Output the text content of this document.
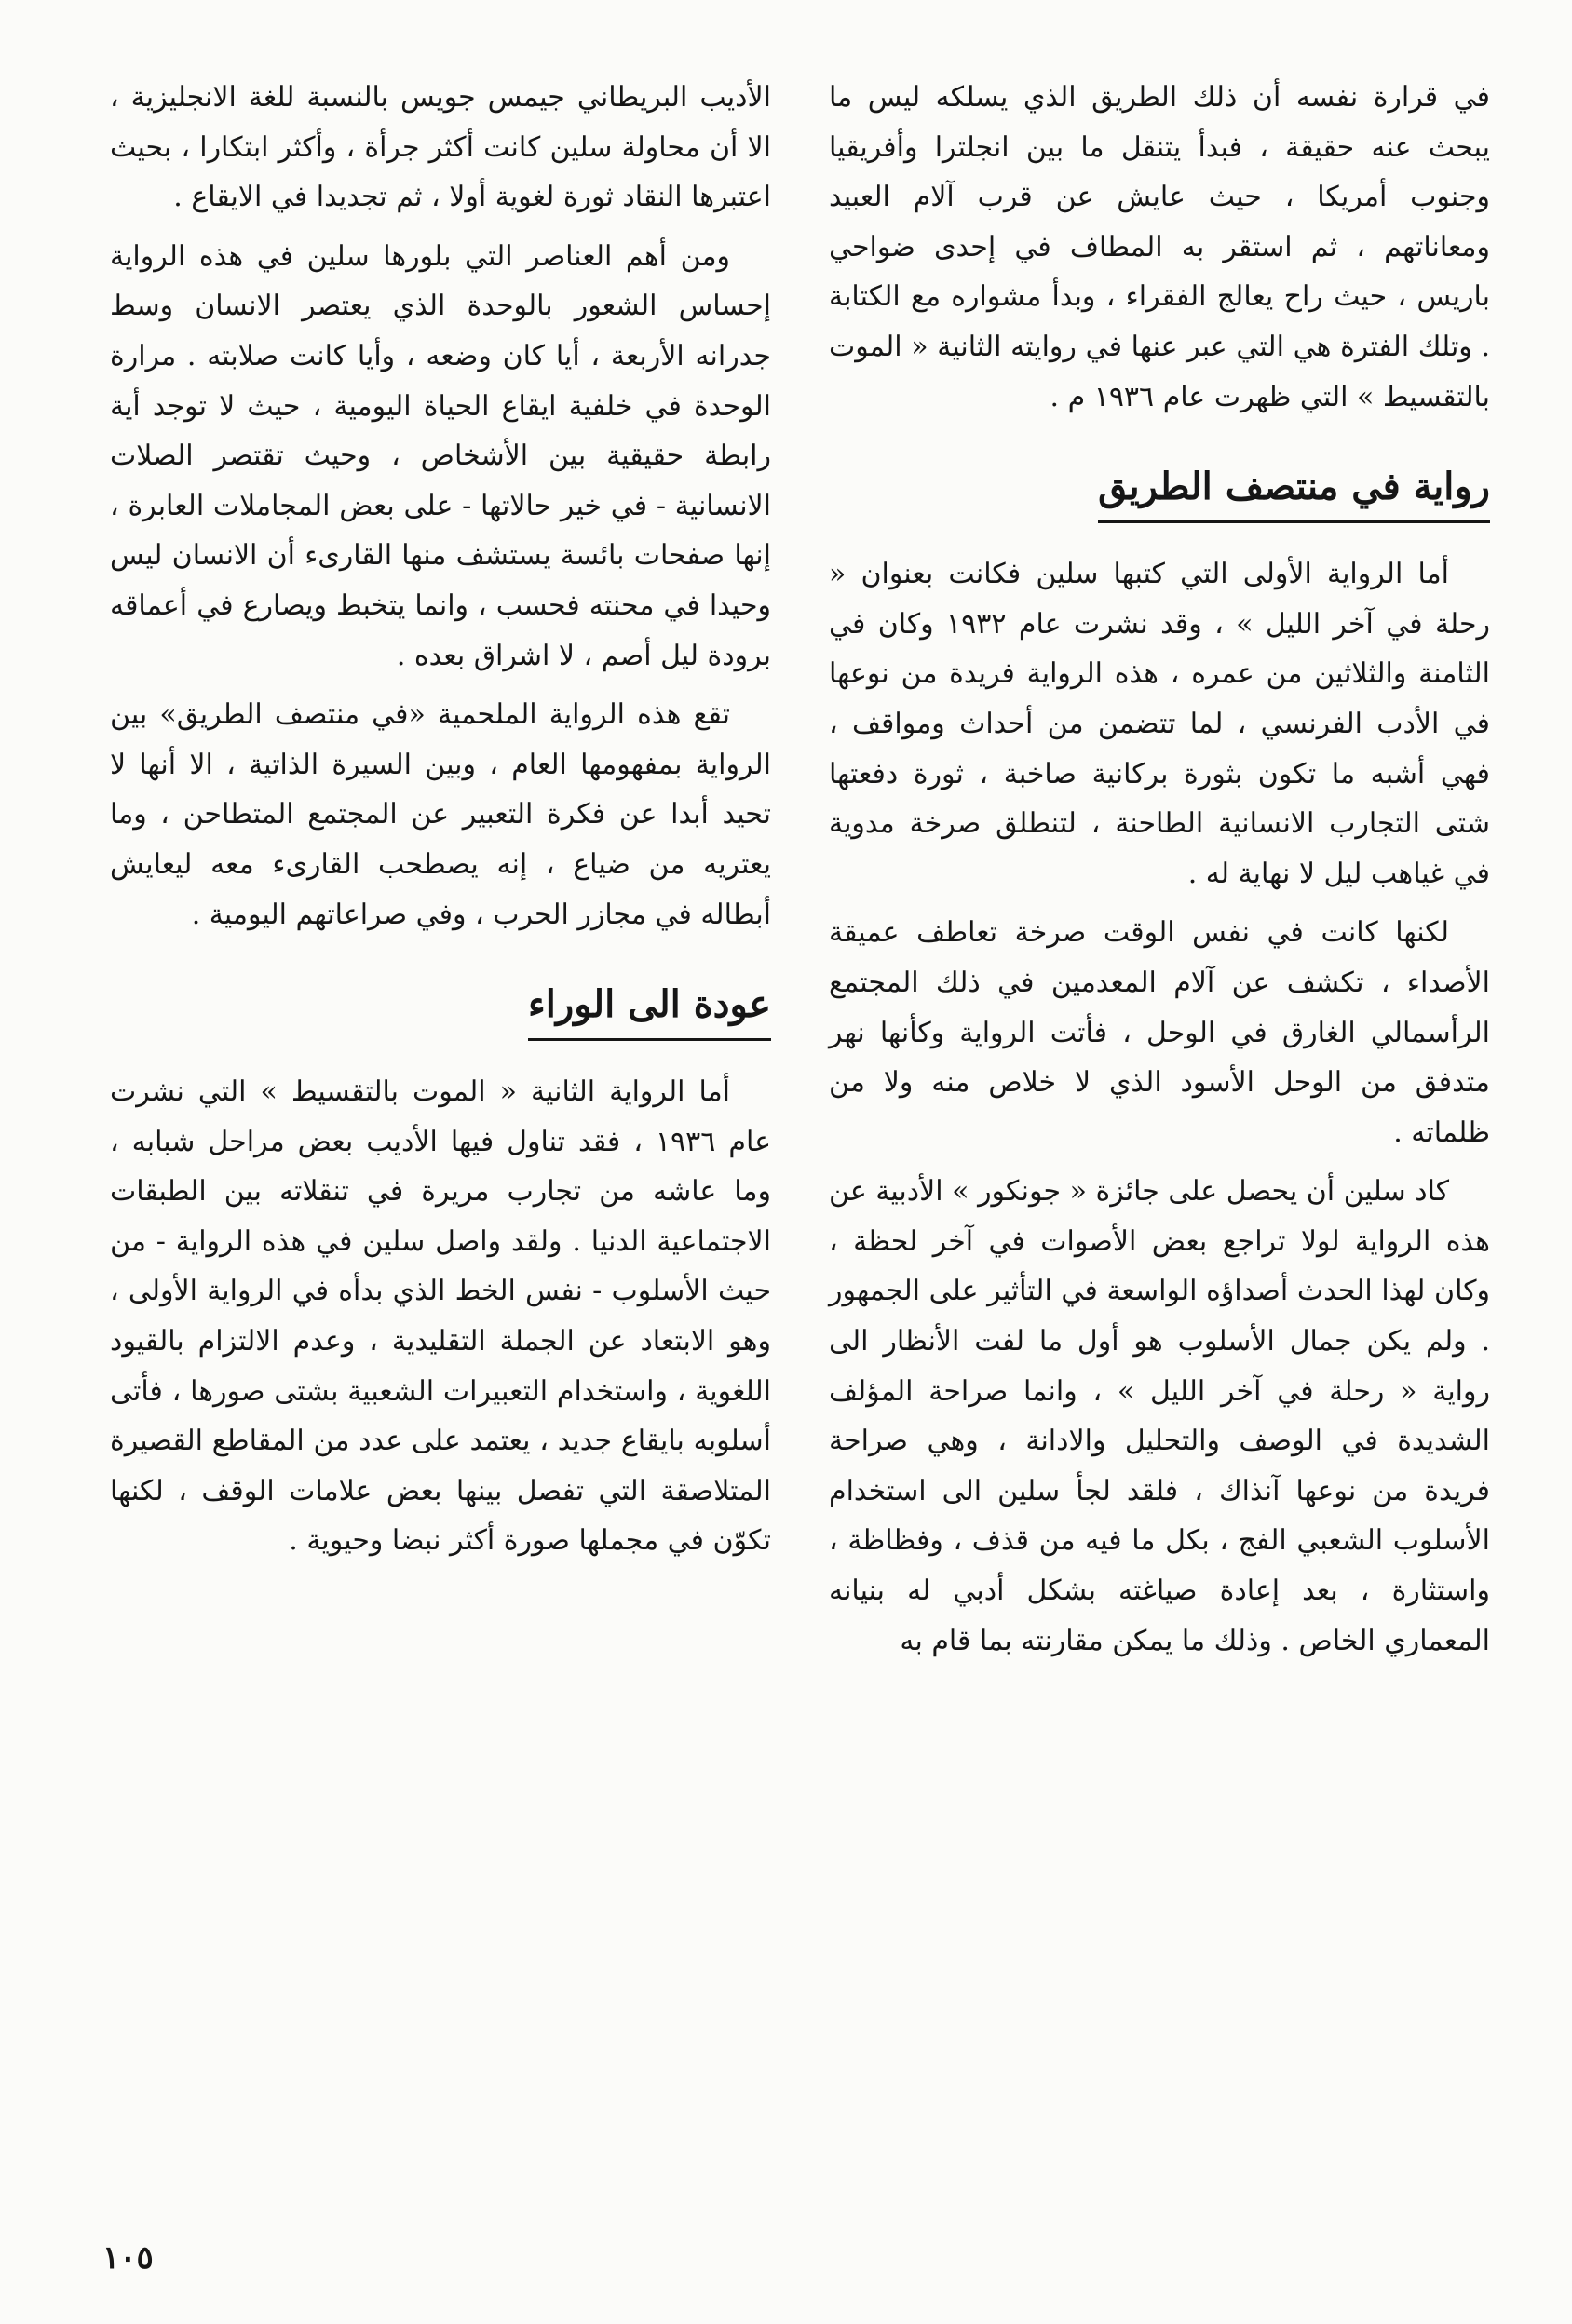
في قرارة نفسه أن ذلك الطريق الذي يسلكه ليس ما يبحث عنه حقيقة ، فبدأ يتنقل ما بين انجلترا وأفريقيا وجنوب أمريكا ، حيث عايش عن قرب آلام العبيد ومعاناتهم ، ثم استقر به المطاف في إحدى ضواحي باريس ، حيث راح يعالج الفقراء ، وبدأ مشواره مع الكتابة . وتلك الفترة هي التي عبر عنها في روايته الثانية « الموت بالتقسيط » التي ظهرت عام ١٩٣٦ م .

رواية في منتصف الطريق

أما الرواية الأولى التي كتبها سلين فكانت بعنوان « رحلة في آخر الليل » ، وقد نشرت عام ١٩٣٢ وكان في الثامنة والثلاثين من عمره ، هذه الرواية فريدة من نوعها في الأدب الفرنسي ، لما تتضمن من أحداث ومواقف ، فهي أشبه ما تكون بثورة بركانية صاخبة ، ثورة دفعتها شتى التجارب الانسانية الطاحنة ، لتنطلق صرخة مدوية في غياهب ليل لا نهاية له .

لكنها كانت في نفس الوقت صرخة تعاطف عميقة الأصداء ، تكشف عن آلام المعدمين في ذلك المجتمع الرأسمالي الغارق في الوحل ، فأتت الرواية وكأنها نهر متدفق من الوحل الأسود الذي لا خلاص منه ولا من ظلماته .

كاد سلين أن يحصل على جائزة « جونكور » الأدبية عن هذه الرواية لولا تراجع بعض الأصوات في آخر لحظة ، وكان لهذا الحدث أصداؤه الواسعة في التأثير على الجمهور . ولم يكن جمال الأسلوب هو أول ما لفت الأنظار الى رواية « رحلة في آخر الليل » ، وانما صراحة المؤلف الشديدة في الوصف والتحليل والادانة ، وهي صراحة فريدة من نوعها آنذاك ، فلقد لجأ سلين الى استخدام الأسلوب الشعبي الفج ، بكل ما فيه من قذف ، وفظاظة ، واستثارة ، بعد إعادة صياغته بشكل أدبي له بنيانه المعماري الخاص . وذلك ما يمكن مقارنته بما قام به

الأديب البريطاني جيمس جويس بالنسبة للغة الانجليزية ، الا أن محاولة سلين كانت أكثر جرأة ، وأكثر ابتكارا ، بحيث اعتبرها النقاد ثورة لغوية أولا ، ثم تجديدا في الايقاع .

ومن أهم العناصر التي بلورها سلين في هذه الرواية إحساس الشعور بالوحدة الذي يعتصر الانسان وسط جدرانه الأربعة ، أيا كان وضعه ، وأيا كانت صلابته . مرارة الوحدة في خلفية ايقاع الحياة اليومية ، حيث لا توجد أية رابطة حقيقية بين الأشخاص ، وحيث تقتصر الصلات الانسانية - في خير حالاتها - على بعض المجاملات العابرة ، إنها صفحات بائسة يستشف منها القارىء أن الانسان ليس وحيدا في محنته فحسب ، وانما يتخبط ويصارع في أعماقه برودة ليل أصم ، لا اشراق بعده .

تقع هذه الرواية الملحمية «في منتصف الطريق» بين الرواية بمفهومها العام ، وبين السيرة الذاتية ، الا أنها لا تحيد أبدا عن فكرة التعبير عن المجتمع المتطاحن ، وما يعتريه من ضياع ، إنه يصطحب القارىء معه ليعايش أبطاله في مجازر الحرب ، وفي صراعاتهم اليومية .

عودة الى الوراء

أما الرواية الثانية « الموت بالتقسيط » التي نشرت عام ١٩٣٦ ، فقد تناول فيها الأديب بعض مراحل شبابه ، وما عاشه من تجارب مريرة في تنقلاته بين الطبقات الاجتماعية الدنيا . ولقد واصل سلين في هذه الرواية - من حيث الأسلوب - نفس الخط الذي بدأه في الرواية الأولى ، وهو الابتعاد عن الجملة التقليدية ، وعدم الالتزام بالقيود اللغوية ، واستخدام التعبيرات الشعبية بشتى صورها ، فأتى أسلوبه بايقاع جديد ، يعتمد على عدد من المقاطع القصيرة المتلاصقة التي تفصل بينها بعض علامات الوقف ، لكنها تكوّن في مجملها صورة أكثر نبضا وحيوية .

١٠٥
